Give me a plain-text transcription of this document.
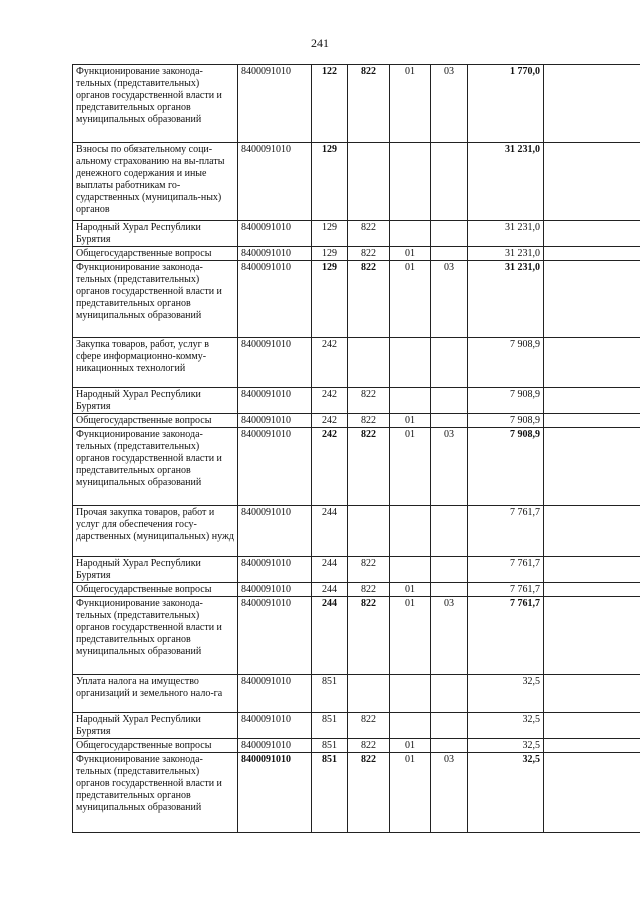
241
Функционирование законода-тельных (представительных) органов государственной власти и представительных органов муниципальных образований	8400091010	122	822	01	03	1 770,0	
Взносы по обязательному соци-альному страхованию на вы-платы денежного содержания и иные выплаты работникам го-сударственных (муниципаль-ных) органов	8400091010	129				31 231,0	
Народный Хурал Республики Бурятия	8400091010	129	822			31 231,0	
Общегосударственные вопросы	8400091010	129	822	01		31 231,0	
Функционирование законода-тельных (представительных) органов государственной власти и представительных органов муниципальных образований	8400091010	129	822	01	03	31 231,0	
Закупка товаров, работ, услуг в сфере информационно-комму-никационных технологий	8400091010	242				7 908,9	
Народный Хурал Республики Бурятия	8400091010	242	822			7 908,9	
Общегосударственные вопросы	8400091010	242	822	01		7 908,9	
Функционирование законода-тельных (представительных) органов государственной власти и представительных органов муниципальных образований	8400091010	242	822	01	03	7 908,9	
Прочая закупка товаров, работ и услуг для обеспечения госу-дарственных (муниципальных) нужд	8400091010	244				7 761,7	
Народный Хурал Республики Бурятия	8400091010	244	822			7 761,7	
Общегосударственные вопросы	8400091010	244	822	01		7 761,7	
Функционирование законода-тельных (представительных) органов государственной власти и представительных органов муниципальных образований	8400091010	244	822	01	03	7 761,7	
Уплата налога на имущество организаций и земельного нало-га	8400091010	851				32,5	
Народный Хурал Республики Бурятия	8400091010	851	822			32,5	
Общегосударственные вопросы	8400091010	851	822	01		32,5	
Функционирование законода-тельных (представительных) органов государственной власти и представительных органов муниципальных образований	8400091010	851	822	01	03	32,5	
